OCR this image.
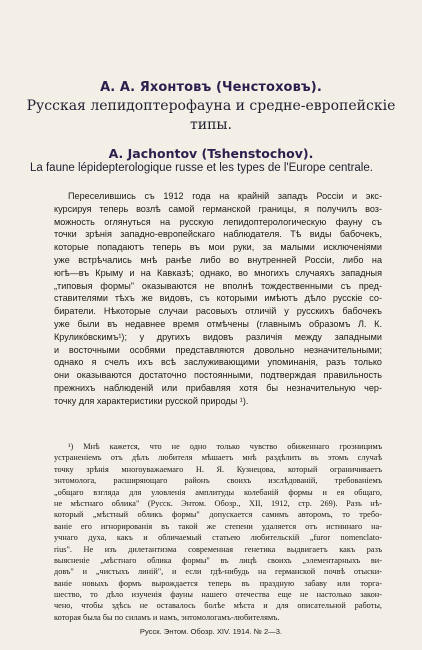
А. А. Яхонтовъ (Ченстоховъ).
Русская лепидоптерофауна и средне-европейскiе
типы.
A. Jachontov (Tshenstochov).
La faune lépidepterologique russe et les types de l'Europe centrale.
Переселившись съ 1912 года на крайнiй западъ Россiи и экс-
курсируя теперь возлѣ самой германской границы, я получилъ воз-
можность оглянуться на русскую лепидоптерологическую фауну съ
точки зрѣнiя западно-европейскаго наблюдателя. Тѣ виды бабочекъ,
которые попадаютъ теперь въ мои руки, за малыми исключенiями
уже встрѣчались мнѣ ранѣе либо во внутренней Россiи, либо на
югѣ—въ Крыму и на Кавказѣ; однако, во многихъ случаяхъ западныя
„типовыя формы" оказываются не вполнѣ тождественными съ пред-
ставителями тѣхъ же видовъ, съ которыми имѣютъ дѣло русскiе со-
биратели. Нѣкоторые случаи расовыхъ отличiй у русскихъ бабочекъ
уже были въ недавнее время отмѣчены (главнымъ образомъ Л. К.
Крулико́вскимъ¹); у другихъ видовъ различiя между западными
и восточными особями представляются довольно незначительными;
однако я счелъ ихъ всѣ заслуживающими упоминанiя, разъ только
они оказываются достаточно постоянными, подтверждая правильность
прежнихъ наблюденiй или прибавляя хотя бы незначительную чер-
точку для характеристики русской природы ¹).
¹) Мнѣ кажется, что не одно только чувство обиженнаго гроэницимъ
устраненiемъ отъ дѣлъ любителя мѣшаетъ мнѣ раздѣлить въ этомъ случаѣ
точку зрѣнiя многоуважаемаго Н. Я. Кузнецова, который ограничиваетъ
энтомолога, расширяющаго районъ своихъ изслѣдованiй, требованiемъ
„общаго взгляда для уловленiя амплитуды колебанiй формы и ея общаго,
не мѣстнаго облика" (Русск. Энтом. Обозр., XII, 1912, стр. 269). Разъ нѣ-
который „мѣстный обликъ формы" допускается самимъ авторомъ, то требо-
ванiе его игнорированiя въ такой же степени удаляется отъ истиннаго на-
учнаго духа, какъ и обличаемый статьею любительскiй „furor nomenclato-
rius". Не изъ дилетантизма современная генетика выдвигаетъ какъ разъ
выясненiе „мѣстнаго облика формы" въ лицѣ своихъ „элементарныхъ ви-
довъ" и „чистыхъ линiй", и если гдѣ-нибудь на германской почвѣ отыски-
ванiе новыхъ формъ вырождается теперь въ праздную забаву или торга-
шество, то дѣло изученiя фауны нашего отечества еще не настолько закон-
чено, чтобы здѣсь не оставалось болѣе мѣста и для описательной работы,
которая была бы по силамъ и намъ, энтомологамъ-любителямъ.
Русск. Энтом. Обозр. XIV. 1914. № 2—3.
